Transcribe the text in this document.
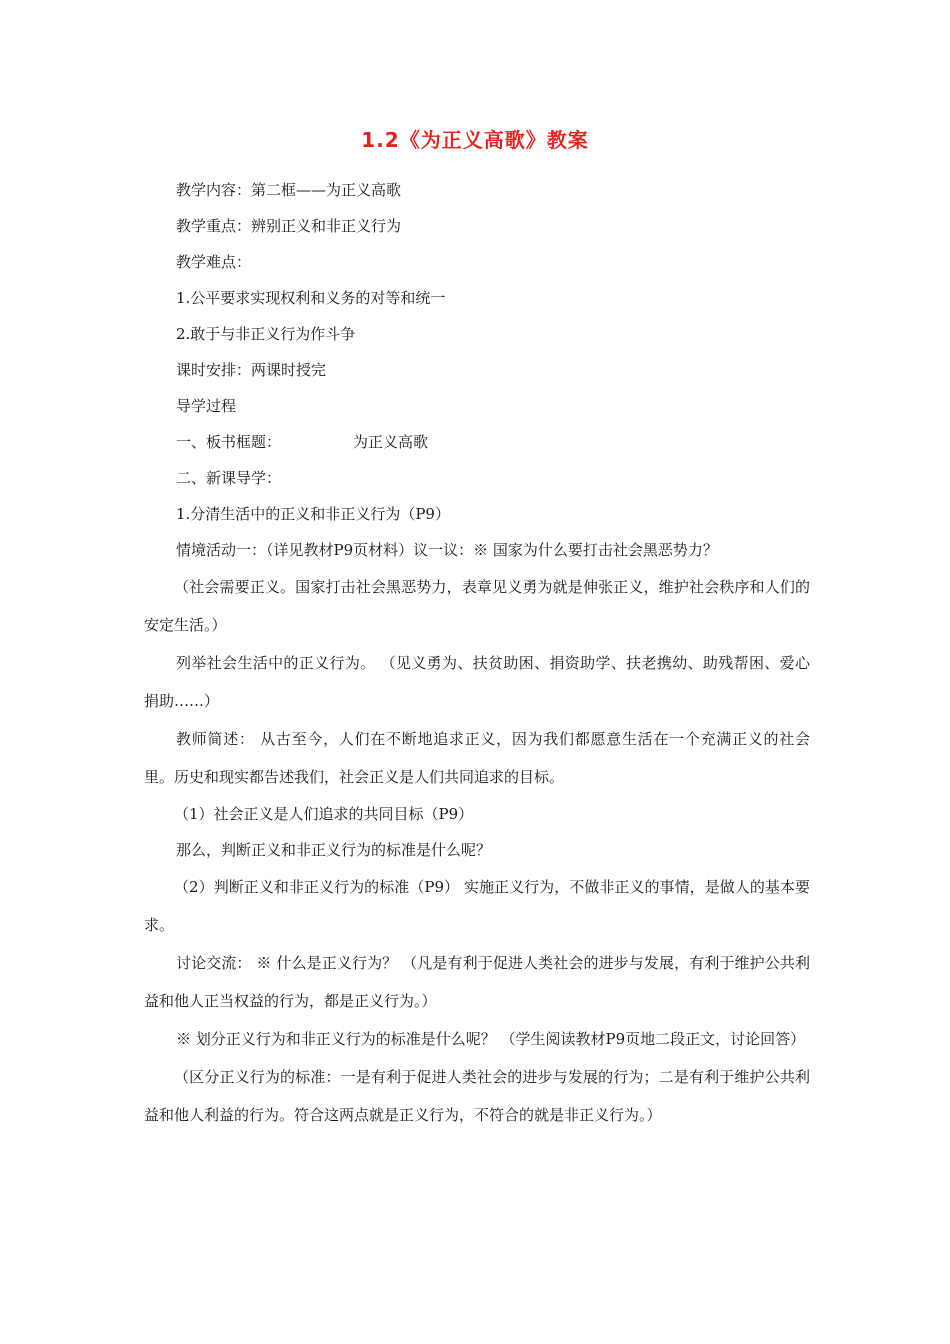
1.2《为正义高歌》教案
教学内容：第二框——为正义高歌
教学重点：辨别正义和非正义行为
教学难点：
1.公平要求实现权利和义务的对等和统一
2.敢于与非正义行为作斗争
课时安排：两课时授完
导学过程
一、板书框题：	为正义高歌
二、新课导学：
1.分清生活中的正义和非正义行为（P9）
情境活动一：（详见教材P9页材料）议一议：※ 国家为什么要打击社会黑恶势力？
（社会需要正义。国家打击社会黑恶势力，表章见义勇为就是伸张正义，维护社会秩序和人们的安定生活。）
列举社会生活中的正义行为。 （见义勇为、扶贫助困、捐资助学、扶老携幼、助残帮困、爱心捐助……）
教师简述： 从古至今，人们在不断地追求正义，因为我们都愿意生活在一个充满正义的社会里。历史和现实都告述我们，社会正义是人们共同追求的目标。
（1）社会正义是人们追求的共同目标（P9）
那么，判断正义和非正义行为的标准是什么呢？
（2）判断正义和非正义行为的标准（P9） 实施正义行为，不做非正义的事情，是做人的基本要求。
讨论交流： ※ 什么是正义行为？ （凡是有利于促进人类社会的进步与发展，有利于维护公共利益和他人正当权益的行为，都是正义行为。）
※ 划分正义行为和非正义行为的标准是什么呢？ （学生阅读教材P9页地二段正文，讨论回答）
（区分正义行为的标准：一是有利于促进人类社会的进步与发展的行为；二是有利于维护公共利益和他人利益的行为。符合这两点就是正义行为，不符合的就是非正义行为。）
